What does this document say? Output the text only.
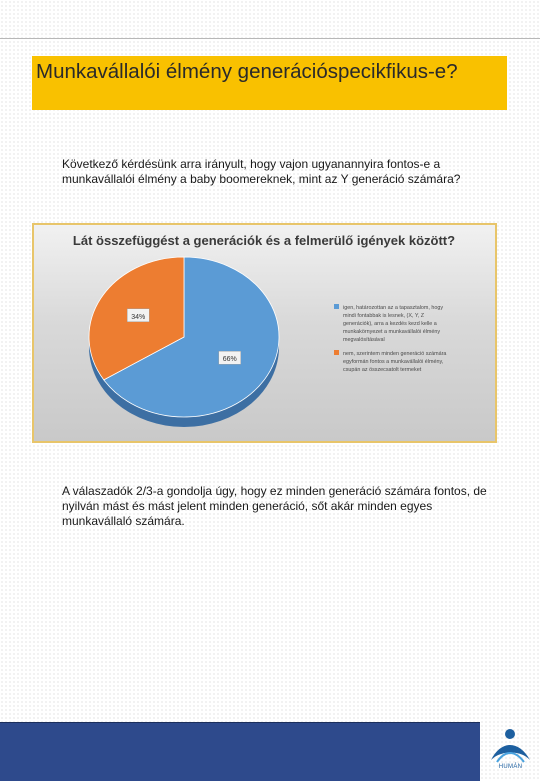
Munkavállalói élmény generációspecikfikus-e?
Következő kérdésünk arra irányult, hogy vajon ugyanannyira fontos-e a munkavállalói élmény a baby boomereknek, mint az Y generáció számára?
Lát összefüggést a generációk és a felmerülő igények között?
66%
34%
igen, határozottan az a tapasztalom, hogy mindi fontabbak is lesnek, (X, Y, Z generációk), arra a kezdés kezd kelle a munkakörnyezet a munkavállalói élmény megvalósításával
nem, szerintem minden generáció számára egyformán fontos a munkavállalói élmény, csupán az összecsatolt termeket
A válaszadók 2/3-a gondolja úgy, hogy ez minden generáció számára fontos, de nyilván mást és mást jelent minden generáció, sőt akár minden egyes munkavállaló számára.
HUMÁN
